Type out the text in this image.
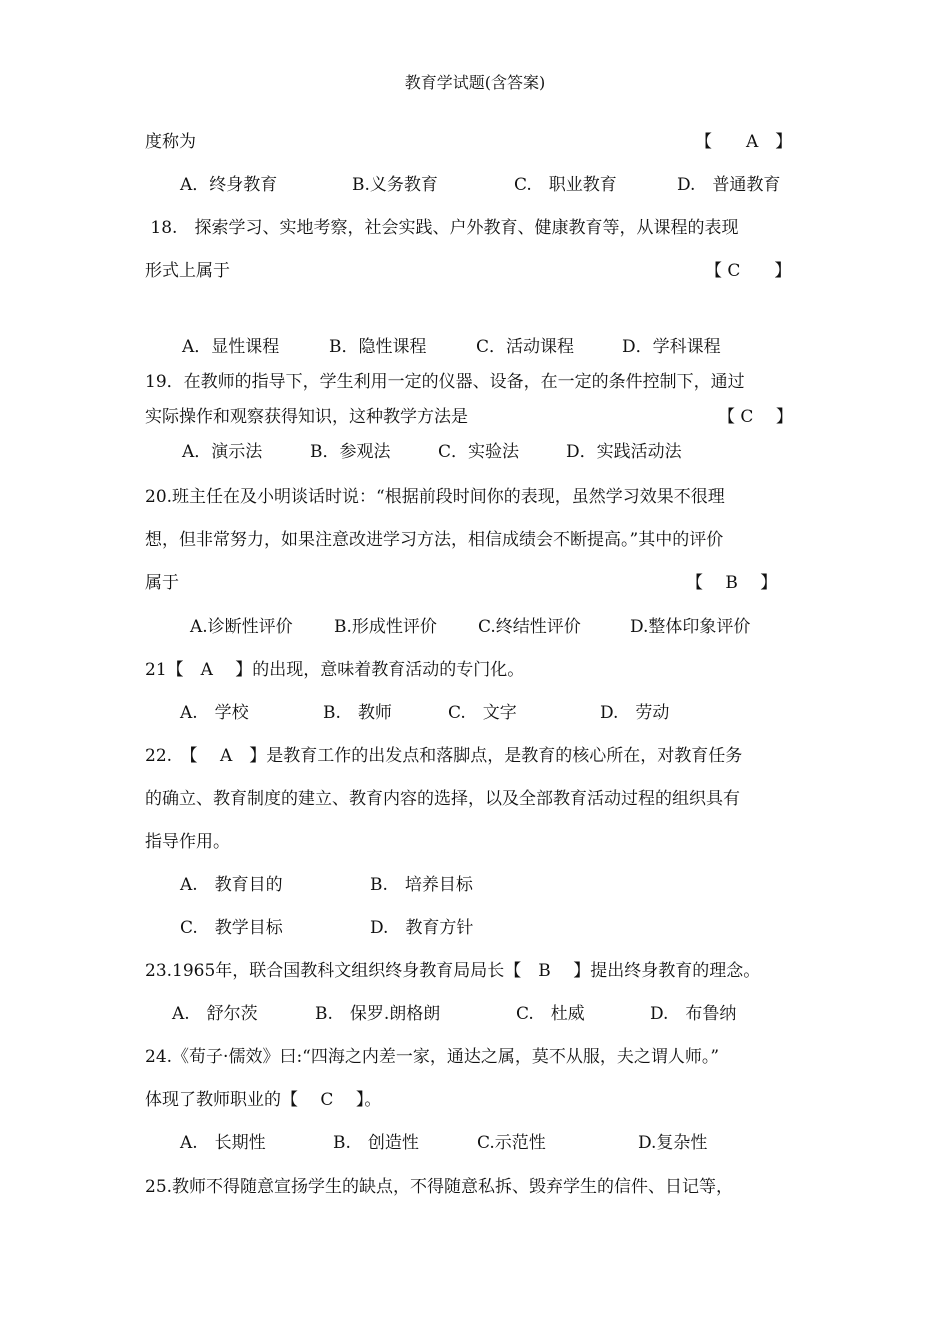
教育学试题(含答案)
度称为	【　　A　】
A．终身教育	B.义务教育	C.　职业教育	D.　普通教育
18.　探索学习、实地考察，社会实践、户外教育、健康教育等，从课程的表现
形式上属于	【 C　　】
A．显性课程	B．隐性课程	C．活动课程	D．学科课程
19．在教师的指导下，学生利用一定的仪器、设备，在一定的条件控制下，通过
实际操作和观察获得知识，这种教学方法是	【 C　 】
A．演示法	B．参观法	C．实验法	D．实践活动法
20.班主任在及小明谈话时说：“根据前段时间你的表现，虽然学习效果不很理
想，但非常努力，如果注意改进学习方法，相信成绩会不断提高。”其中的评价
属于	【　 B　 】
A.诊断性评价 B.形成性评价 C.终结性评价	D.整体印象评价
21【　A　 】的出现，意味着教育活动的专门化。
A.　学校	B.　教师	C.　文字	D.　劳动
22.　【　 A　】是教育工作的出发点和落脚点，是教育的核心所在，对教育任务
的确立、教育制度的建立、教育内容的选择，以及全部教育活动过程的组织具有
指导作用。
A.　教育目的	B.　培养目标
C.　教学目标	D.　教育方针
23.1965年，联合国教科文组织终身教育局局长【　B　 】提出终身教育的理念。
A.　舒尔茨	B.　保罗.朗格朗	C.　杜威	D.　布鲁纳
24.《荀子·儒效》曰:“四海之内差一家，通达之属，莫不从服，夫之谓人师。”
体现了教师职业的【　 C　 】。
A.　长期性	B.　创造性	C.示范性	D.复杂性
25.教师不得随意宣扬学生的缺点，不得随意私拆、毁弃学生的信件、日记等，
